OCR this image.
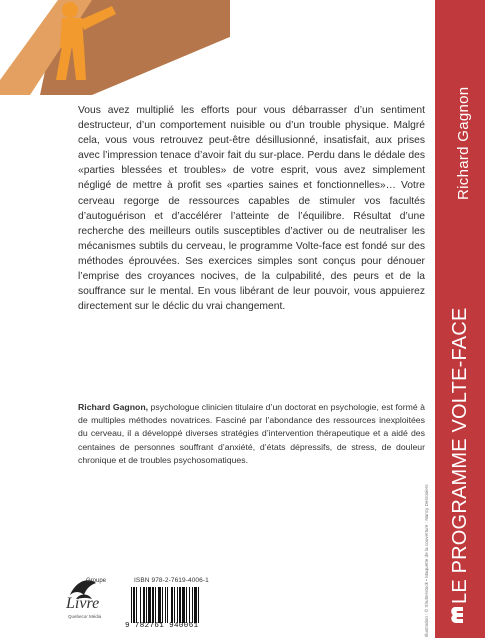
Vous avez multiplié les efforts pour vous débarrasser d’un sentiment destructeur, d’un comportement nuisible ou d’un trouble physique. Malgré cela, vous vous retrouvez peut-être désillusionné, insatisfait, aux prises avec l’impression tenace d’avoir fait du sur-place. Perdu dans le dédale des «parties blessées et troubles» de votre esprit, vous avez simplement négligé de mettre à profit ses «parties saines et fonctionnelles»… Votre cerveau regorge de ressources capables de stimuler vos facultés d’autoguérison et d’accélérer l’atteinte de l’équilibre. Résultat d’une recherche des meilleurs outils susceptibles d’activer ou de neutraliser les mécanismes subtils du cerveau, le programme Volte-face est fondé sur des méthodes éprouvées. Ses exercices simples sont conçus pour dénouer l’emprise des croyances nocives, de la culpabilité, des peurs et de la souffrance sur le mental. En vous libérant de leur pouvoir, vous appuierez directement sur le déclic du vrai changement.

Richard Gagnon, psychologue clinicien titulaire d’un doctorat en psychologie, est formé à de multiples méthodes novatrices. Fasciné par l’abondance des ressources inexploitées du cerveau, il a développé diverses stratégies d’intervention thérapeutique et a aidé des centaines de personnes souffrant d’anxiété, d’états dépressifs, de stress, de douleur chronique et de troubles psychosomatiques.

Groupe
Livre
Quebecor Média
ISBN 978-2-7619-4006-1
9 782761 940061	Illustration : © Shutterstock • Maquette de la couverture : Nancy Desrosiers
Richard Gagnon
LE PROGRAMME VOLTE-FACE
